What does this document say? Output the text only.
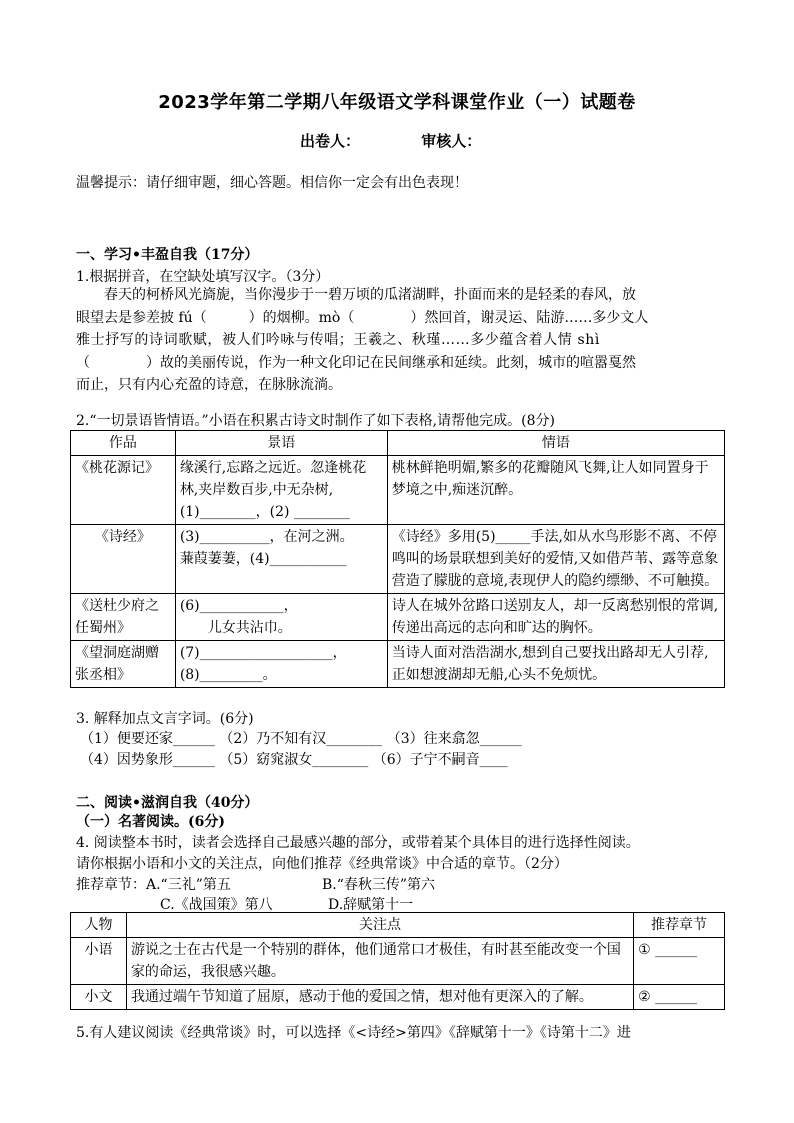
2023学年第二学期八年级语文学科课堂作业（一）试题卷
出卷人：	审核人：
温馨提示：请仔细审题，细心答题。相信你一定会有出色表现！
一、学习•丰盈自我（17分）
1.根据拼音，在空缺处填写汉字。（3分）

春天的柯桥风光旖旎，当你漫步于一碧万顷的瓜渚湖畔，扑面而来的是轻柔的春风，放

眼望去是参差披 fú（　　　）的烟柳。mò（　　　　）然回首，谢灵运、陆游……多少文人

雅士抒写的诗词歌赋，被人们吟咏与传唱；王羲之、秋瑾……多少蕴含着人情 shì

（　　　　）故的美丽传说，作为一种文化印记在民间继承和延续。此刻，城市的喧嚣戛然

而止，只有内心充盈的诗意，在脉脉流淌。

2.“一切景语皆情语。”小语在积累古诗文时制作了如下表格,请帮他完成。(8分)
作品	景语	情语
《桃花源记》	缘溪行,忘路之远近。忽逢桃花林,夹岸数百步,中无杂树,
(1)________，(2) ________	桃林鲜艳明媚,繁多的花瓣随风飞舞,让人如同置身于梦境之中,痴迷沉醉。
《诗经》	(3)__________，在河之洲。
蒹葭萋萋，(4)___________	《诗经》多用(5)_____手法,如从水鸟形影不离、不停鸣叫的场景联想到美好的爱情,又如借芦苇、露等意象营造了朦胧的意境,表现伊人的隐约缥缈、不可触摸。
《送杜少府之任蜀州》	(6)____________，
儿女共沾巾。	诗人在城外岔路口送别友人，却一反离愁别恨的常调,传递出高远的志向和旷达的胸怀。
《望洞庭湖赠张丞相》	(7)___________________，
(8)_________。	当诗人面对浩浩湖水,想到自己要找出路却无人引荐,正如想渡湖却无船,心头不免烦忧。
3. 解释加点文言字词。(6分)
（1）便要还家______ （2）乃不知有汉________ （3）往来翕忽______
（4）因势象形______ （5）窈窕淑女________ （6）子宁不嗣音____
二、阅读•滋润自我（40分）
（一）名著阅读。(6分)
4. 阅读整本书时，读者会选择自己最感兴趣的部分，或带着某个具体目的进行选择性阅读。
请你根据小语和小文的关注点，向他们推荐《经典常谈》中合适的章节。（2分）
推荐章节：A.“三礼”第五	B.“春秋三传”第六
C.《战国策》第八	D.辞赋第十一
人物	关注点	推荐章节
小语	游说之士在古代是一个特别的群体，他们通常口才极佳，有时甚至能改变一个国家的命运，我很感兴趣。	① ______
小文	我通过端午节知道了屈原，感动于他的爱国之情，想对他有更深入的了解。	② ______
5.有人建议阅读《经典常谈》时，可以选择《<诗经>第四》《辞赋第十一》《诗第十二》进
